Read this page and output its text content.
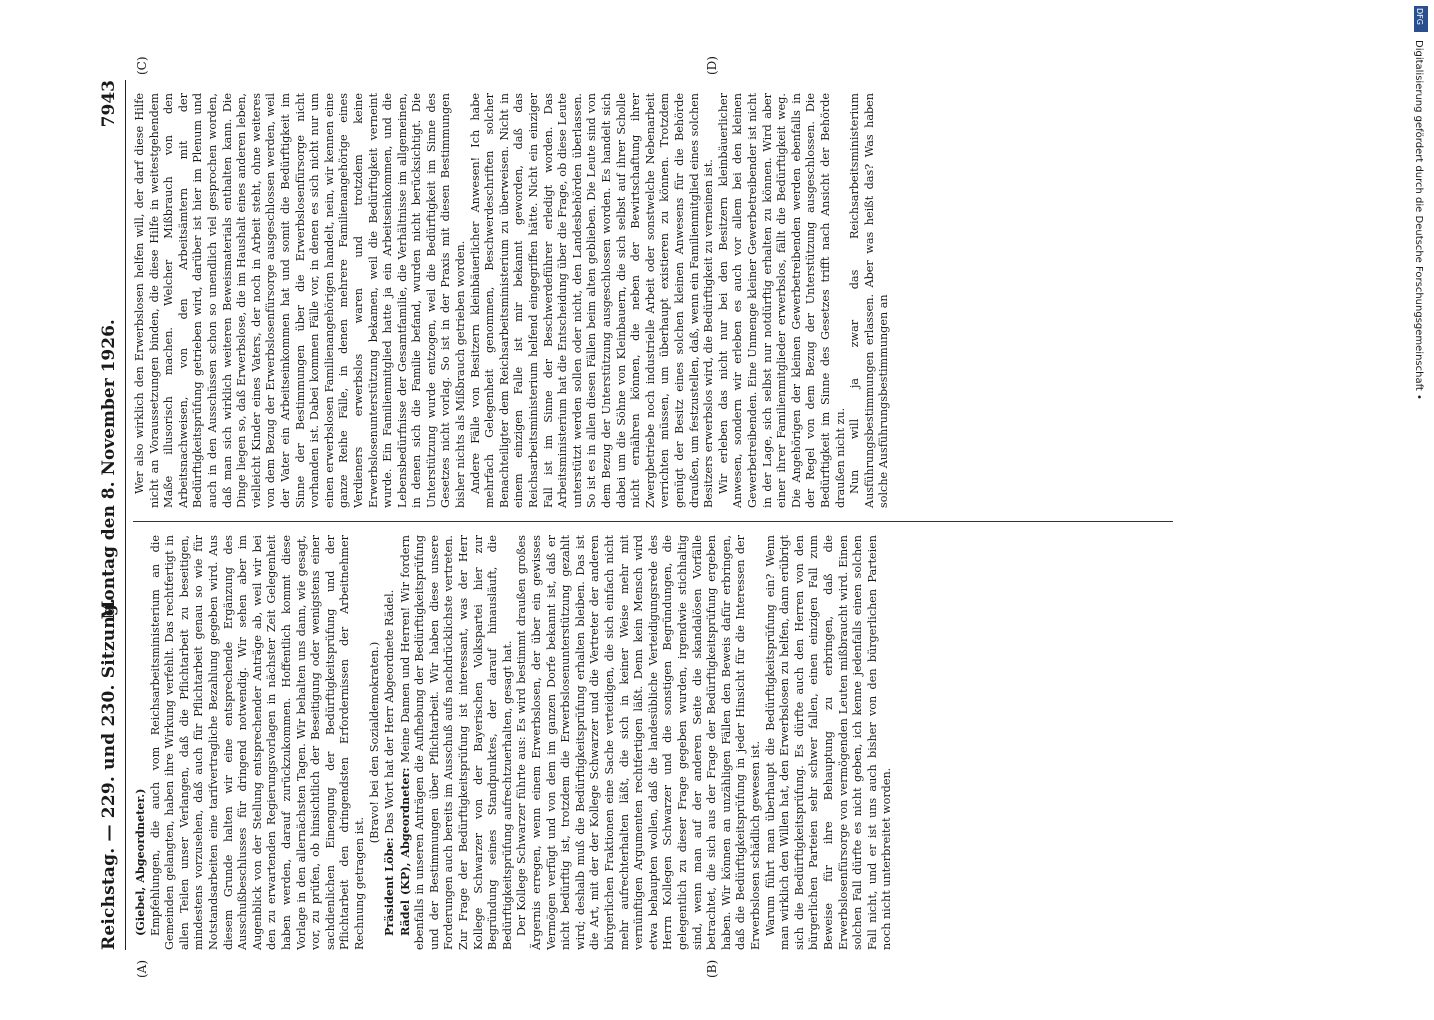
Reichstag. — 229. und 230. Sitzung.
Montag den 8. November 1926.  7943
(A)	(B)
(C)	(D)

(Giebel, Abgeordneter.) Empfehlungen, die auch vom Reichsarbeitsministerium an die Gemeinden gelangten, haben ihre Wirkung verfehlt. Das rechtfertigt in allen Teilen unser Verlangen, daß die Pflichtarbeit zu beseitigen, mindestens vorzusehen, daß auch für Pflichtarbeit genau so wie für Notstandsarbeiten eine tarifvertragliche Bezahlung gegeben wird. Aus diesem Grunde halten wir eine entsprechende Ergänzung des Ausschußbeschlusses für dringend notwendig. Wir sehen aber im Augenblick von der Stellung entsprechender Anträge ab, weil wir bei den zu erwartenden Regierungsvorlagen in nächster Zeit Gelegenheit haben werden, darauf zurückzukommen. Hoffentlich kommt diese Vorlage in den allernächsten Tagen. Wir behalten uns dann, wie gesagt, vor, zu prüfen, ob hinsichtlich der Beseitigung oder wenigstens einer sachdienlichen Einengung der Bedürftigkeitsprüfung und der Pflichtarbeit den dringendsten Erfordernissen der Arbeitnehmer Rechnung getragen ist.

(Bravo! bei den Sozialdemokraten.)

Präsident Löbe: Das Wort hat der Herr Abgeordnete Rädel.

Rädel (KP), Abgeordneter: Meine Damen und Herren! Wir fordern ebenfalls in unseren Anträgen die Aufhebung der Bedürftigkeitsprüfung und der Bestimmungen über Pflichtarbeit. Wir haben diese unsere Forderungen auch bereits im Ausschuß aufs nachdrücklichste vertreten. Zur Frage der Bedürftigkeitsprüfung ist interessant, was der Herr Kollege Schwarzer von der Bayerischen Volkspartei hier zur Begründung seines Standpunktes, der darauf hinausläuft, die Bedürftigkeitsprüfung aufrechtzuerhalten, gesagt hat. Der Kollege Schwarzer führte aus: Es wird bestimmt draußen großes Ärgernis erregen, wenn einem Erwerbslosen, der über ein gewisses Vermögen verfügt und von dem im ganzen Dorfe bekannt ist, daß er nicht bedürftig ist, trotzdem die Erwerbslosenunterstützung gezahlt wird; deshalb muß die Bedürftigkeitsprüfung erhalten bleiben. Das ist die Art, mit der der Kollege Schwarzer und die Vertreter der anderen bürgerlichen Fraktionen eine Sache verteidigen, die sich einfach nicht mehr aufrechterhalten läßt, die sich in keiner Weise mehr mit vernünftigen Argumenten rechtfertigen läßt. Denn kein Mensch wird etwa behaupten wollen, daß die landesübliche Verteidigungsrede des Herrn Kollegen Schwarzer und die sonstigen Begründungen, die gelegentlich zu dieser Frage gegeben wurden, irgendwie stichhaltig sind, wenn man auf der anderen Seite die skandalösen Vorfälle betrachtet, die sich aus der Frage der Bedürftigkeitsprüfung ergeben haben. Wir können an unzähligen Fällen den Beweis dafür erbringen, daß die Bedürftigkeitsprüfung in jeder Hinsicht für die Interessen der Erwerbslosen schädlich gewesen ist. Warum führt man überhaupt die Bedürftigkeitsprüfung ein? Wenn man wirklich den Willen hat, den Erwerbslosen zu helfen, dann erübrigt sich die Bedürftigkeitsprüfung. Es dürfte auch den Herren von den bürgerlichen Parteien sehr schwer fallen, einen einzigen Fall zum Beweise für ihre Behauptung zu erbringen, daß die Erwerbslosenfürsorge von vermögenden Leuten mißbraucht wird. Einen solchen Fall dürfte es nicht geben, ich kenne jedenfalls einen solchen Fall nicht, und er ist uns auch bisher von den bürgerlichen Parteien noch nicht unterbreitet worden.

Wer also wirklich den Erwerbslosen helfen will, der darf diese Hilfe nicht an Voraussetzungen binden, die diese Hilfe in weitestgehendem Maße illusorisch machen. Welcher Mißbrauch von den Arbeitsnachweisen, von den Arbeitsämtern mit der Bedürftigkeitsprüfung getrieben wird, darüber ist hier im Plenum und auch in den Ausschüssen schon so unendlich viel gesprochen worden, daß man sich wirklich weiteren Beweismaterials enthalten kann. Die Dinge liegen so, daß Erwerbslose, die im Haushalt eines anderen leben, vielleicht Kinder eines Vaters, der noch in Arbeit steht, ohne weiteres von dem Bezug der Erwerbslosenfürsorge ausgeschlossen werden, weil der Vater ein Arbeitseinkommen hat und somit die Bedürftigkeit im Sinne der Bestimmungen über die Erwerbslosenfürsorge nicht vorhanden ist. Dabei kommen Fälle vor, in denen es sich nicht nur um einen erwerbslosen Familienangehörigen handelt, nein, wir kennen eine ganze Reihe Fälle, in denen mehrere Familienangehörige eines Verdieners erwerbslos waren und trotzdem keine Erwerbslosenunterstützung bekamen, weil die Bedürftigkeit verneint wurde. Ein Familienmitglied hatte ja ein Arbeitseinkommen, und die Lebensbedürfnisse der Gesamtfamilie, die Verhältnisse im allgemeinen, in denen sich die Familie befand, wurden nicht berücksichtigt. Die Unterstützung wurde entzogen, weil die Bedürftigkeit im Sinne des Gesetzes nicht vorlag. So ist in der Praxis mit diesen Bestimmungen bisher nichts als Mißbrauch getrieben worden. Andere Fälle von Besitzern kleinbäuerlicher Anwesen! Ich habe mehrfach Gelegenheit genommen, Beschwerdeschriften solcher Benachteiligter dem Reichsarbeitsministerium zu überweisen. Nicht in einem einzigen Falle ist mir bekannt geworden, daß das Reichsarbeitsministerium helfend eingegriffen hätte. Nicht ein einziger Fall ist im Sinne der Beschwerdeführer erledigt worden. Das Arbeitsministerium hat die Entscheidung über die Frage, ob diese Leute unterstützt werden sollen oder nicht, den Landesbehörden überlassen. So ist es in allen diesen Fällen beim alten geblieben. Die Leute sind von dem Bezug der Unterstützung ausgeschlossen worden. Es handelt sich dabei um die Söhne von Kleinbauern, die sich selbst auf ihrer Scholle nicht ernähren können, die neben der Bewirtschaftung ihrer Zwergbetriebe noch industrielle Arbeit oder sonstwelche Nebenarbeit verrichten müssen, um überhaupt existieren zu können. Trotzdem genügt der Besitz eines solchen kleinen Anwesens für die Behörde draußen, um festzustellen, daß, wenn ein Familienmitglied eines solchen Besitzers erwerbslos wird, die Bedürftigkeit zu verneinen ist. Wir erleben das nicht nur bei den Besitzern kleinbäuerlicher Anwesen, sondern wir erleben es auch vor allem bei den kleinen Gewerbetreibenden. Eine Unmenge kleiner Gewerbetreibender ist nicht in der Lage, sich selbst nur notdürftig erhalten zu können. Wird aber einer ihrer Familienmitglieder erwerbslos, fällt die Bedürftigkeit weg. Die Angehörigen der kleinen Gewerbetreibenden werden ebenfalls in der Regel von dem Bezug der Unterstützung ausgeschlossen. Die Bedürftigkeit im Sinne des Gesetzes trifft nach Ansicht der Behörde draußen nicht zu. Nun will ja zwar das Reichsarbeitsministerium Ausführungsbestimmungen erlassen. Aber was heißt das? Was haben solche Ausführungsbestimmungen an

DFG
Digitalisierung gefördert durch die Deutsche Forschungsgemeinschaft •
